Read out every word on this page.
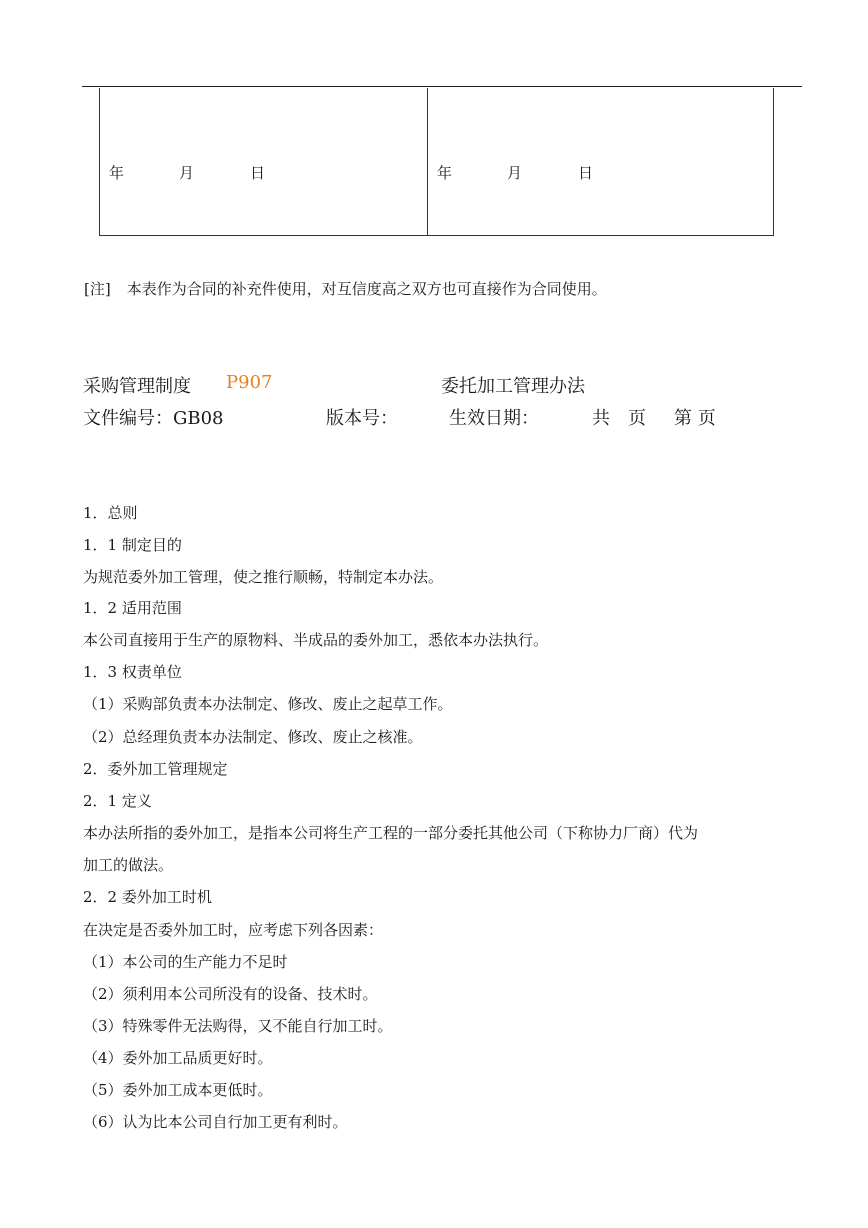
年	月	日	年	月	日
[注] 本表作为合同的补充件使用，对互信度高之双方也可直接作为合同使用。
采购管理制度 P907	委托加工管理办法
文件编号：GB08	版本号：	生效日期：	共　页 第 页
1．总则
1．1 制定目的
为规范委外加工管理，使之推行顺畅，特制定本办法。
1．2 适用范围
本公司直接用于生产的原物料、半成品的委外加工，悉依本办法执行。
1．3 权责单位
（1）采购部负责本办法制定、修改、废止之起草工作。
（2）总经理负责本办法制定、修改、废止之核准。
2．委外加工管理规定
2．1 定义
本办法所指的委外加工，是指本公司将生产工程的一部分委托其他公司（下称协力厂商）代为
加工的做法。
2．2 委外加工时机
在决定是否委外加工时，应考虑下列各因素：
（1）本公司的生产能力不足时
（2）须利用本公司所没有的设备、技术时。
（3）特殊零件无法购得，又不能自行加工时。
（4）委外加工品质更好时。
（5）委外加工成本更低时。
（6）认为比本公司自行加工更有利时。
